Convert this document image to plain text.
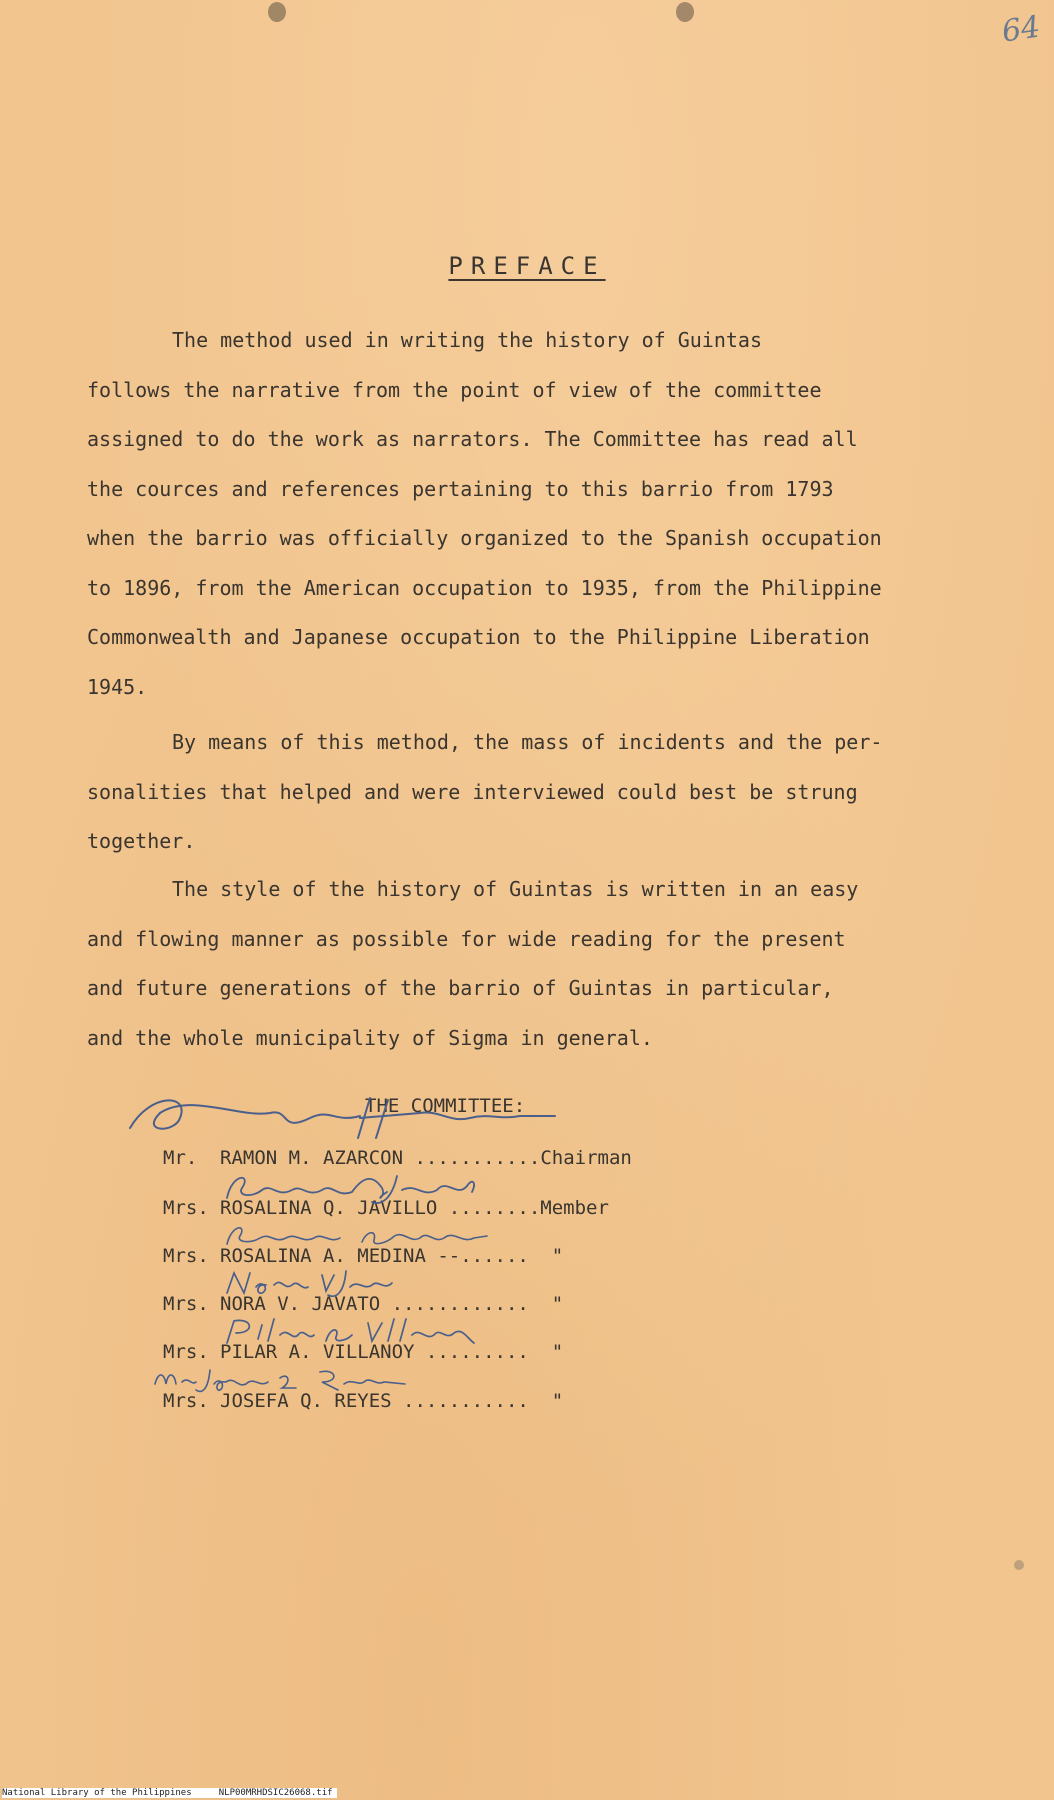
64
PREFACE
The method used in writing the history of Guintas
follows the narrative from the point of view of the committee
assigned to do the work as narrators. The Committee has read all
the cources and references pertaining to this barrio from 1793
when the barrio was officially organized to the Spanish occupation
to 1896, from the American occupation to 1935, from the Philippine
Commonwealth and Japanese occupation to the Philippine Liberation
1945.
By means of this method, the mass of incidents and the per-
sonalities that helped and were interviewed could best be strung
together.
The style of the history of Guintas is written in an easy
and flowing manner as possible for wide reading for the present
and future generations of the barrio of Guintas in particular,
and the whole municipality of Sigma in general.
THE COMMITTEE:
Mr. RAMON M. AZARCON ...........Chairman
Mrs. ROSALINA Q. JAVILLO ........Member
Mrs. ROSALINA A. MEDINA --......  "
Mrs. NORA V. JAVATO ............  "
Mrs. PILAR A. VILLANOY .........  "
Mrs. JOSEFA Q. REYES ...........  "
National Library of the Philippines     NLP00MRHDSIC26068.tif
